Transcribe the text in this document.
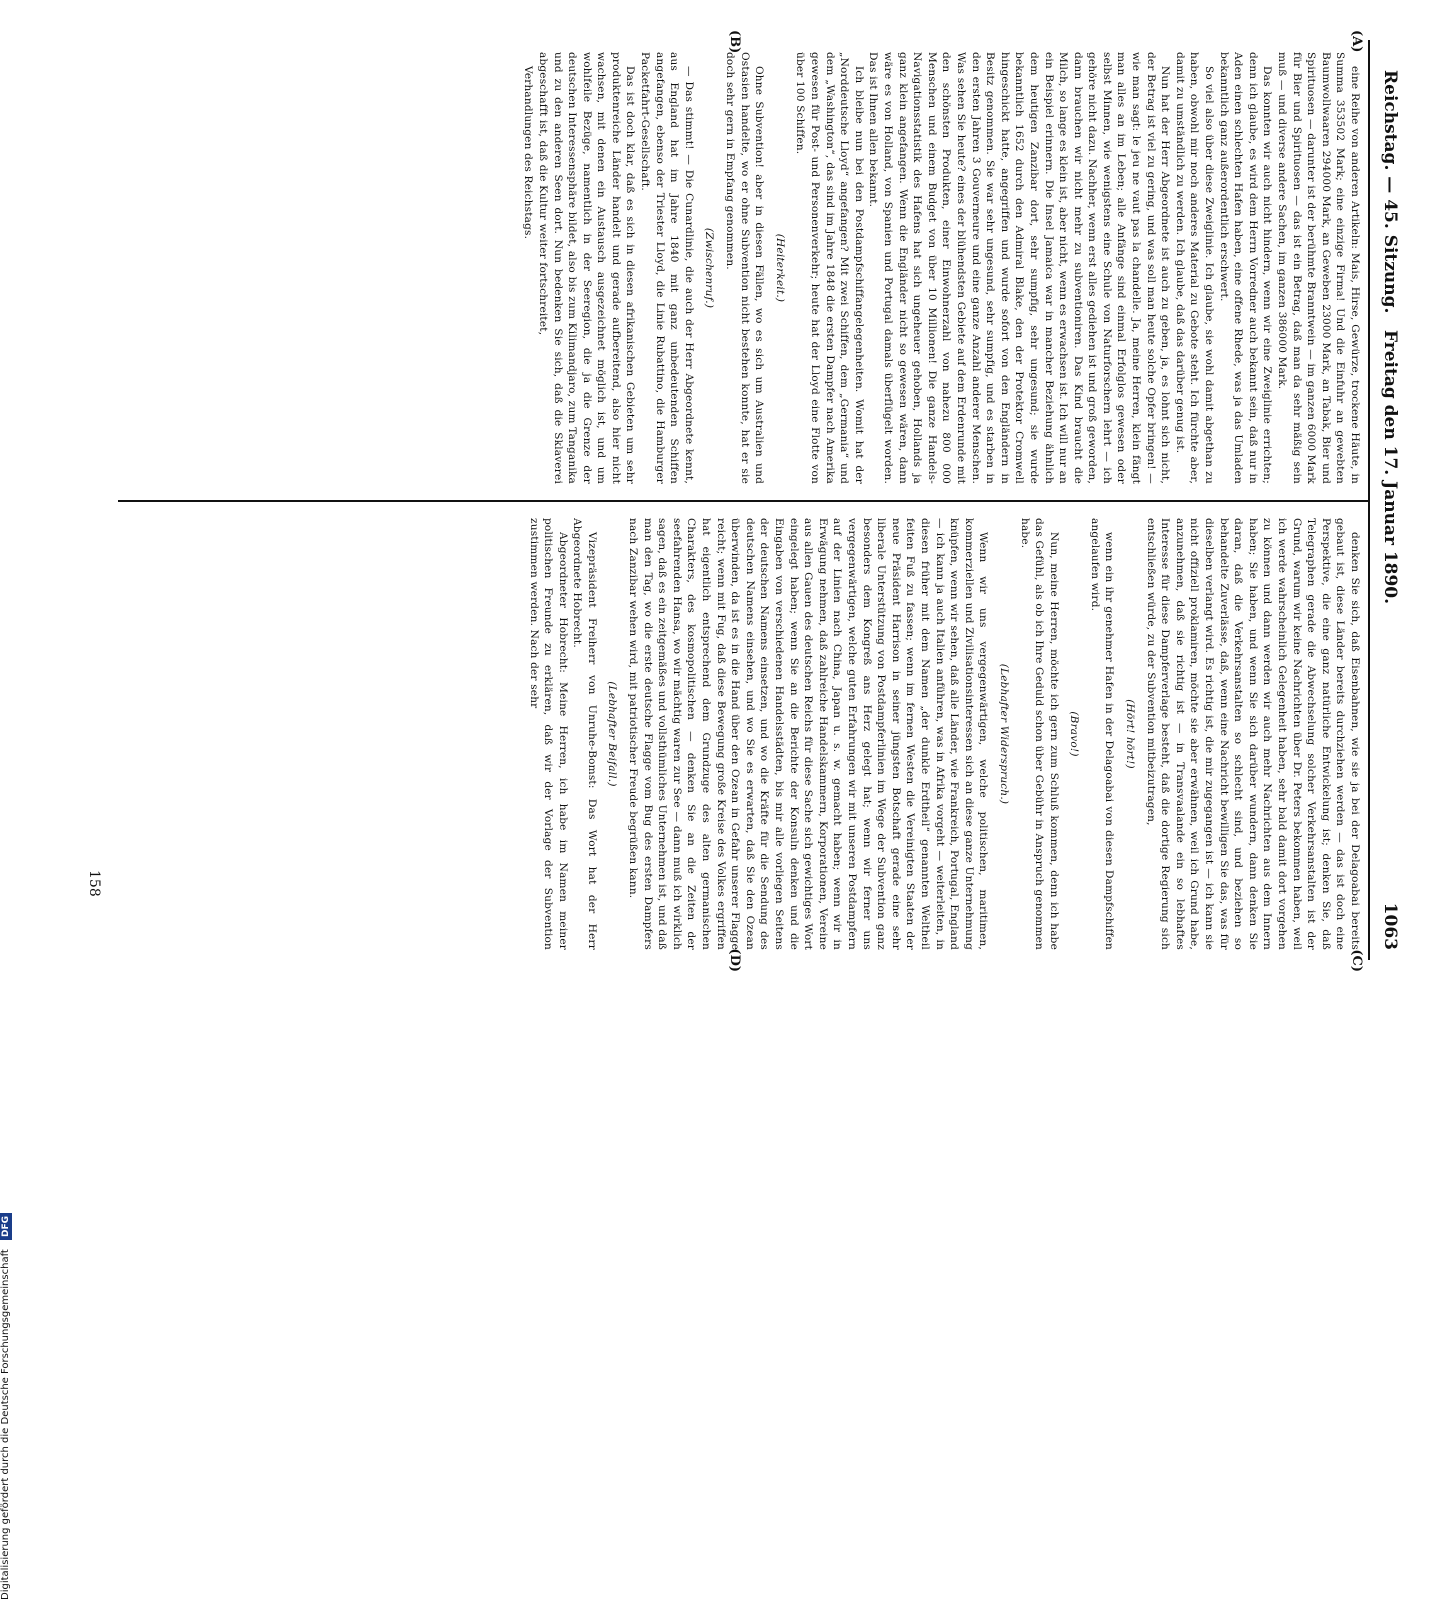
Reichstag. — 45. Sitzung.
Freitag den 17. Januar 1890.
1063
(A)
(B)
(C)
(D)

eine Reihe von anderen Artikeln: Mais, Hirse, Gewürze, trockene Häute, in Summa 353502 Mark; eine einzige Firma! Und die Einfuhr an gewebten Baumwollwaaren 294000 Mark, an Geweben 23000 Mark, an Tabak, Bier und Spirituosen — darunter ist der berühmte Branntwein — im ganzen 6000 Mark für Bier und Spirituosen — das ist ein Betrag, daß man da sehr mäßig sein muß — und diverse andere Sachen, im ganzen 386000 Mark.

Das konnten wir auch nicht hindern, wenn wir eine Zweiglinie errichten; denn ich glaube, es wird dem Herrn Vorredner auch bekannt sein, daß nur in Aden einen schlechten Hafen haben, eine offene Rhede, was ja das Umladen bekanntlich ganz außerordentlich erschwert.

So viel also über diese Zweiglinie. Ich glaube, sie wohl damit abgethan zu haben, obwohl mir noch anderes Material zu Gebote steht. Ich fürchte aber, damit zu umständlich zu werden. Ich glaube, daß das darüber genug ist.

Nun hat der Herr Abgeordnete ist auch zu geben, ja, es lohnt sich nicht, der Betrag ist viel zu gering, und was soll man heute solche Opfer bringen! — wie man sagt: le jeu ne vaut pas la chandelle. Ja, meine Herren, klein fängt man alles an im Leben; alle Anfänge sind einmal Erfolglos gewesen oder selbst Minnen, wie wenigstens eine Schule von Naturforschern lehrt — ich gehöre nicht dazu. Nachher, wenn erst alles gediehen ist und groß geworden, dann brauchen wir nicht mehr zu subventioniren. Das Kind braucht die Milch, so lange es klein ist, aber nicht, wenn es erwachsen ist. Ich will nur an ein Beispiel erinnern. Die Insel Jamaica war in mancher Beziehung ähnlich dem heutigen Zanzibar dort, sehr sumpfig, sehr ungesund; sie wurde bekanntlich 1652 durch den Admiral Blake, den der Protektor Cromwell hingeschickt hatte, angegriffen und wurde sofort von den Engländern in Besitz genommen. Sie war sehr ungesund, sehr sumpfig, und es starben in den ersten Jahren 3 Gouverneure und eine ganze Anzahl anderer Menschen. Was sehen Sie heute? eines der blühendsten Gebiete auf dem Erdenrunde mit den schönsten Produkten, einer Einwohnerzahl von nahezu 800 000 Menschen und einem Budget von über 10 Millionen! Die ganze Handels-Navigationsstatistik des Hafens hat sich ungeheuer gehoben, Hollands ja ganz klein angefangen. Wenn die Engländer nicht so gewesen wären, dann wäre es von Holland, von Spanien und Portugal damals überflügelt worden. Das ist Ihnen allen bekannt.

Ich bleibe nun bei den Postdampfschiffangelegenheiten. Womit hat der „Norddeutsche Lloyd“ angefangen? Mit zwei Schiffen, dem „Germania“ und dem „Washington“, das sind im Jahre 1848 die ersten Dampfer nach Amerika gewesen für Post- und Personenverkehr; heute hat der Lloyd eine Flotte von über 100 Schiffen.

(Heiterkeit.)

Ohne Subvention! aber in diesen Fällen, wo es sich um Australien und Ostasien handelte, wo er ohne Subvention nicht bestehen konnte, hat er sie doch sehr gern in Empfang genommen.

(Zwischenruf.)

— Das stimmt! — Die Cunardlinie, die auch der Herr Abgeordnete kennt, aus England hat im Jahre 1840 mit ganz unbedeutenden Schiffen angefangen, ebenso der Triester Lloyd, die Linie Rubattino, die Hamburger Packetfahrt-Gesellschaft.

Das ist doch klar, daß es sich in diesen afrikanischen Gebieten um sehr produktenreiche Länder handelt und gerade aufbereitend, also hier nicht wachsen, mit denen ein Austausch ausgezeichnet möglich ist, und um wohlfeile Bezüge, namentlich in der Seeregion, die ja die Grenze der deutschen Interessensphäre bildet, also bis zum Kilimandjaro, zum Tanganika und zu den anderen Seen dort. Nun bedenken Sie sich, daß die Sklaverei abgeschafft ist, daß die Kultur weiter fortschreitet,

Verhandlungen des Reichstags.

denken Sie sich, daß Eisenbahnen, wie sie ja bei der Delagoabai bereits gebaut ist, diese Länder bereits durchziehen werden — das ist doch eine Perspektive, die eine ganz natürliche Entwickelung ist; denken Sie, daß Telegraphen gerade die Abwechselung solcher Verkehrsanstalten ist der Grund, warum wir keine Nachrichten über Dr. Peters bekommen haben, weil ich werde wahrscheinlich Gelegenheit haben, sehr bald damit dort vorgehen zu können und dann werden wir auch mehr Nachrichten aus dem Innern haben; Sie haben, und wenn Sie sich darüber wundern, dann denken Sie daran, daß die Verkehrsanstalten so schlecht sind, und beziehen so behandelte Zuverlässe, daß, wenn eine Nachricht bewilligen Sie das, was für dieselben verlangt wird. Es richtig ist, die mir zugegangen ist — ich kann sie nicht offiziell proklamiren, möchte sie aber erwähnen, weil ich Grund habe, anzunehmen, daß sie richtig ist — in Transvaalande ein so lebhaftes Interesse für diese Dampferverlage besteht, daß die dortige Regierung sich entschließen würde, zu der Subvention mitbeizutragen,

(Hört! hört!)

wenn ein ihr genehmer Hafen in der Delagoabai von diesen Dampfschiffen angelaufen wird.

(Bravo!)

Nun, meine Herren, möchte ich gern zum Schluß kommen, denn ich habe das Gefühl, als ob ich Ihre Geduld schon über Gebühr in Anspruch genommen habe.

(Lebhafter Widerspruch.)

Wenn wir uns vergegenwärtigen, welche politischen, maritimen, kommerziellen und Zivilisationsinteressen sich an diese ganze Unternehmung knüpfen, wenn wir sehen, daß alle Länder, wie Frankreich, Portugal, England — ich kann ja auch Italien anführen, was in Afrika vorgeht — weiterleiten, in diesen früher mit dem Namen „der dunkle Erdtheil“ genannten Weltheil feiten Fuß zu fassen; wenn im fernen Westen die Vereinigten Staaten der neue Präsident Harrison in seiner jüngsten Botschaft gerade eine sehr liberale Unterstützung von Postdampferlinien im Wege der Subvention ganz besonders dem Kongreß ans Herz gelegt hat; wenn wir ferner uns vergegenwärtigen, welche guten Erfahrungen wir mit unseren Postdampfern auf der Linien nach China, Japan u. s. w. gemacht haben; wenn wir in Erwägung nehmen, daß zahlreiche Handelskammern, Korporationen, Vereine aus allen Gauen des deutschen Reichs für diese Sache sich gewichtiges Wort eingelegt haben; wenn Sie an die Berichte der Konsuln denken und die Eingaben von verschiedenen Handelsstädten, bis mir alle vorliegen Seitens der deutschen Namens einsetzen, und wo die Kräfte für die Sendung des deutschen Namens einsehen, und wo Sie es erwarten, daß Sie den Ozean überwinden, da ist es in die Hand über den Ozean in Gefahr unserer Flagge reicht; wenn mit Fug, daß diese Bewegung große Kreise des Volkes ergriffen hat eigentlich entsprechend dem Grundzuge des alten germanischen Charakters, des kosmopolitischen — denken Sie an die Zeiten der seefahrenden Hansa, wo wir mächtig waren zur See — dann muß ich wirklich sagen, daß es ein zeitgemäßes und vollsthümliches Unternehmen ist, und daß man den Tag, wo die erste deutsche Flagge vom Bug des ersten Dampfers nach Zanzibar wehen wird, mit patriotischer Freude begrüßen kann.

(Lebhafter Beifall.)

Vizepräsident Freiherr von Unruhe-Bomst: Das Wort hat der Herr Abgeordnete Hobrecht.

Abgeordneter Hobrecht: Meine Herren, ich habe im Namen meiner politischen Freunde zu erklären, daß wir der Vorlage der Subvention zustimmen werden. Nach der sehr

158
Digitalisierung gefördert durch die Deutsche Forschungsgemeinschaft DFG
